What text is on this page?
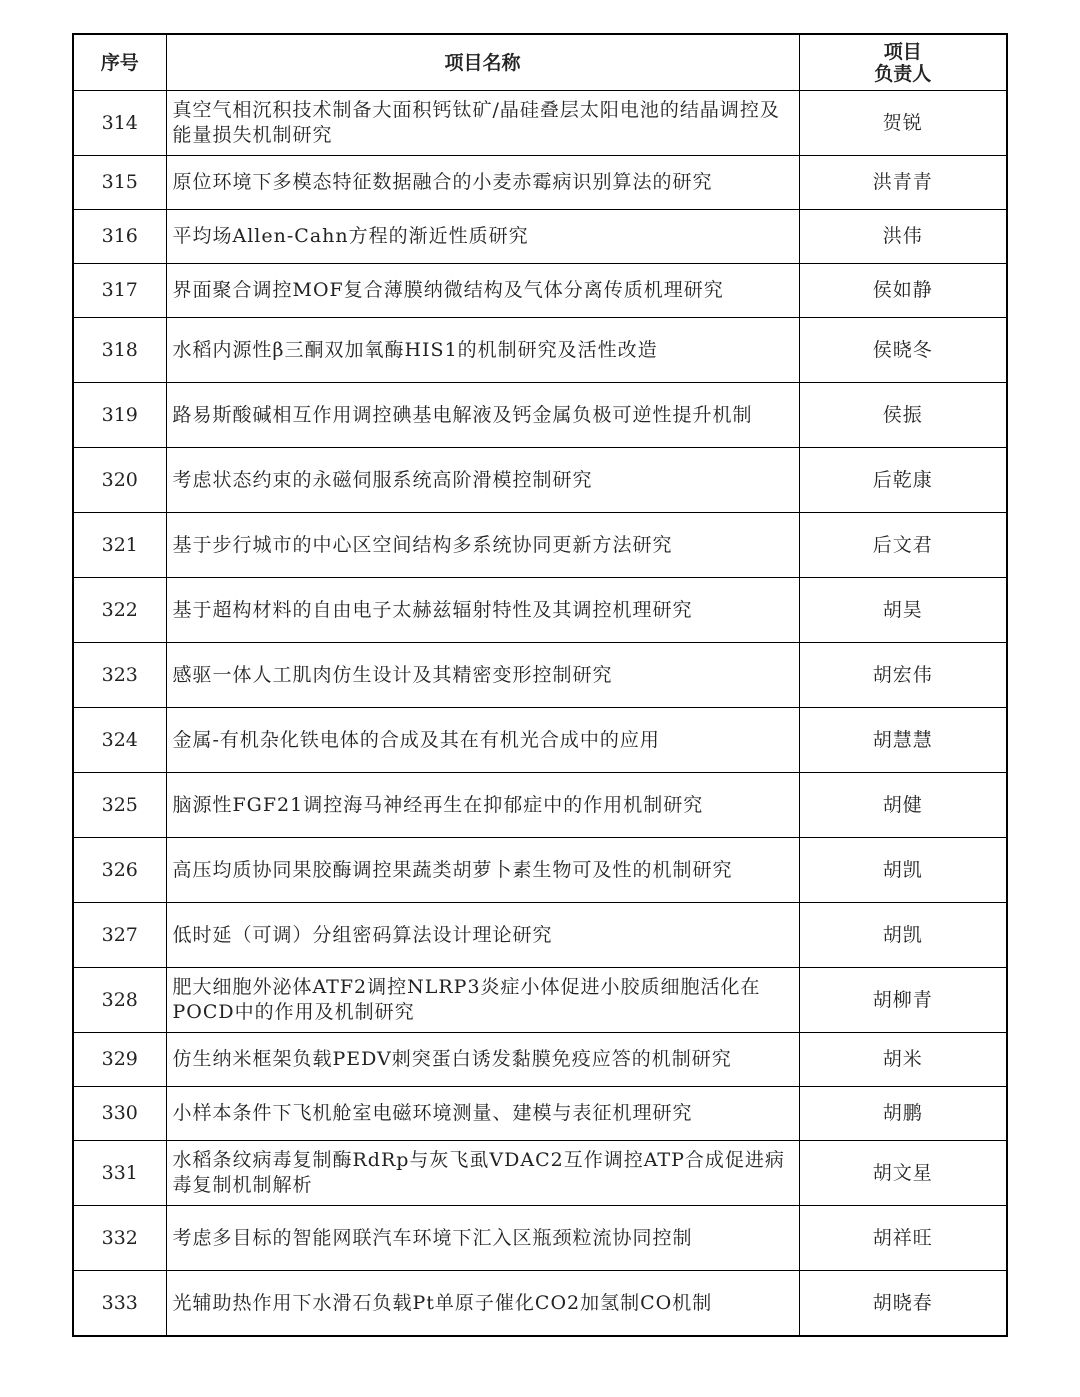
序号	项目名称	项目
负责人
314	真空气相沉积技术制备大面积钙钛矿/晶硅叠层太阳电池的结晶调控及能量损失机制研究	贺锐
315	原位环境下多模态特征数据融合的小麦赤霉病识别算法的研究	洪青青
316	平均场Allen-Cahn方程的渐近性质研究	洪伟
317	界面聚合调控MOF复合薄膜纳微结构及气体分离传质机理研究	侯如静
318	水稻内源性β三酮双加氧酶HIS1的机制研究及活性改造	侯晓冬
319	路易斯酸碱相互作用调控碘基电解液及钙金属负极可逆性提升机制	侯振
320	考虑状态约束的永磁伺服系统高阶滑模控制研究	后乾康
321	基于步行城市的中心区空间结构多系统协同更新方法研究	后文君
322	基于超构材料的自由电子太赫兹辐射特性及其调控机理研究	胡昊
323	感驱一体人工肌肉仿生设计及其精密变形控制研究	胡宏伟
324	金属-有机杂化铁电体的合成及其在有机光合成中的应用	胡慧慧
325	脑源性FGF21调控海马神经再生在抑郁症中的作用机制研究	胡健
326	高压均质协同果胶酶调控果蔬类胡萝卜素生物可及性的机制研究	胡凯
327	低时延（可调）分组密码算法设计理论研究	胡凯
328	肥大细胞外泌体ATF2调控NLRP3炎症小体促进小胶质细胞活化在POCD中的作用及机制研究	胡柳青
329	仿生纳米框架负载PEDV刺突蛋白诱发黏膜免疫应答的机制研究	胡米
330	小样本条件下飞机舱室电磁环境测量、建模与表征机理研究	胡鹏
331	水稻条纹病毒复制酶RdRp与灰飞虱VDAC2互作调控ATP合成促进病毒复制机制解析	胡文星
332	考虑多目标的智能网联汽车环境下汇入区瓶颈粒流协同控制	胡祥旺
333	光辅助热作用下水滑石负载Pt单原子催化CO2加氢制CO机制	胡晓春
